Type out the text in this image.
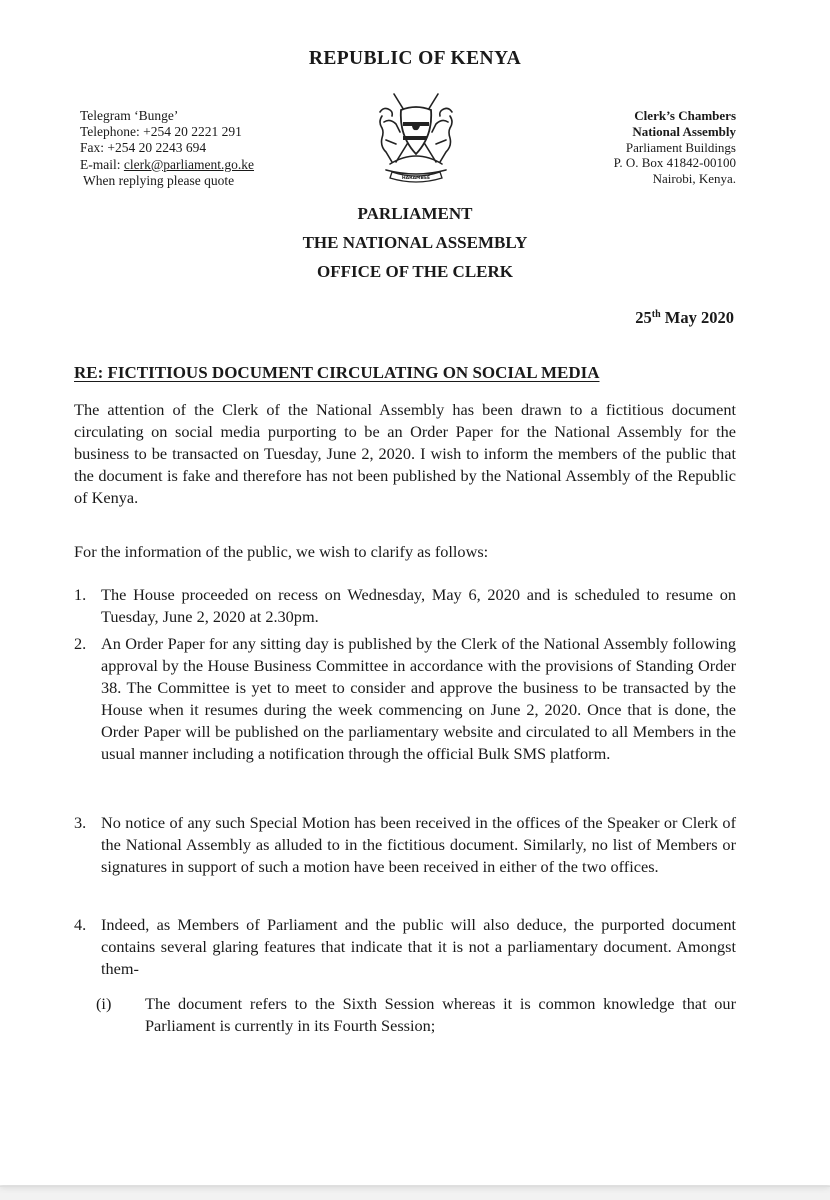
REPUBLIC OF KENYA
Telegram ‘Bunge’
Telephone: +254 20 2221 291
Fax: +254 20 2243 694
E-mail: clerk@parliament.go.ke
When replying please quote	HARAMBEE
Clerk’s Chambers
National Assembly
Parliament Buildings
P. O. Box 41842-00100
Nairobi, Kenya.
PARLIAMENT
THE NATIONAL ASSEMBLY
OFFICE OF THE CLERK
25th May 2020
RE: FICTITIOUS DOCUMENT CIRCULATING ON SOCIAL MEDIA

The attention of the Clerk of the National Assembly has been drawn to a fictitious document circulating on social media purporting to be an Order Paper for the National Assembly for the business to be transacted on Tuesday, June 2, 2020. I wish to inform the members of the public that the document is fake and therefore has not been published by the National Assembly of the Republic of Kenya.

For the information of the public, we wish to clarify as follows:

1. The House proceeded on recess on Wednesday, May 6, 2020 and is scheduled to resume on Tuesday, June 2, 2020 at 2.30pm.
2. An Order Paper for any sitting day is published by the Clerk of the National Assembly following approval by the House Business Committee in accordance with the provisions of Standing Order 38. The Committee is yet to meet to consider and approve the business to be transacted by the House when it resumes during the week commencing on June 2, 2020. Once that is done, the Order Paper will be published on the parliamentary website and circulated to all Members in the usual manner including a notification through the official Bulk SMS platform.
3. No notice of any such Special Motion has been received in the offices of the Speaker or Clerk of the National Assembly as alluded to in the fictitious document. Similarly, no list of Members or signatures in support of such a motion have been received in either of the two offices.
4. Indeed, as Members of Parliament and the public will also deduce, the purported document contains several glaring features that indicate that it is not a parliamentary document. Amongst them-
(i) The document refers to the Sixth Session whereas it is common knowledge that our Parliament is currently in its Fourth Session;
